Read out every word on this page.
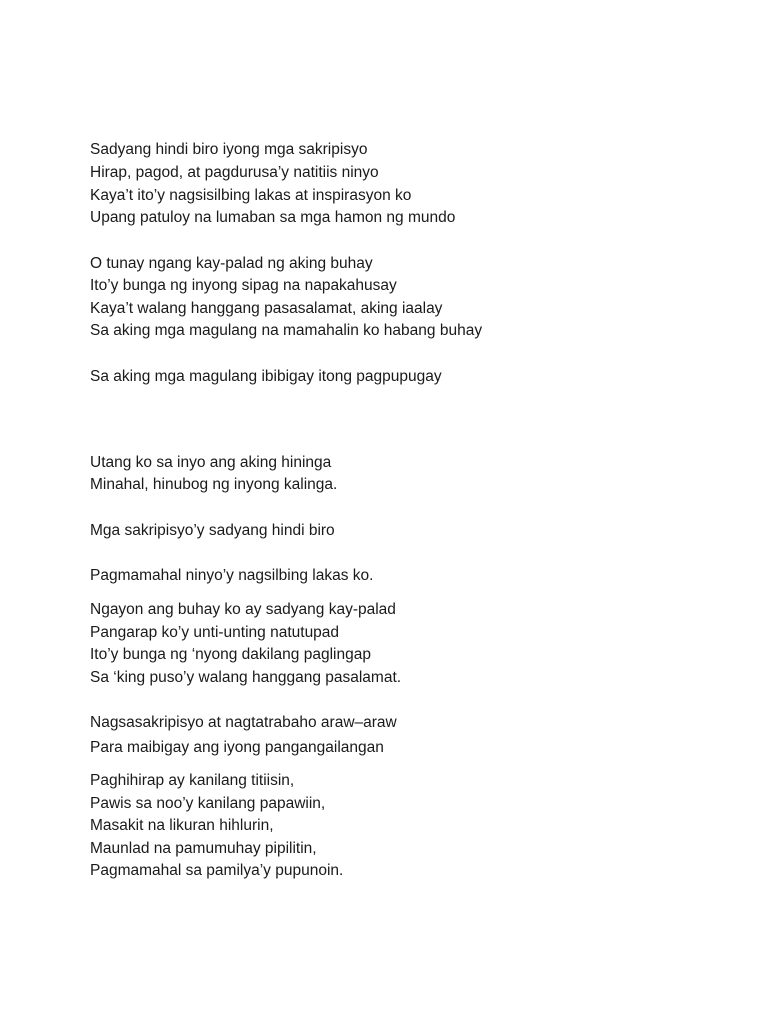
Sadyang hindi biro iyong mga sakripisyo
Hirap, pagod, at pagdurusa’y natitiis ninyo
Kaya’t ito’y nagsisilbing lakas at inspirasyon ko
Upang patuloy na lumaban sa mga hamon ng mundo
O tunay ngang kay-palad ng aking buhay
Ito’y bunga ng inyong sipag na napakahusay
Kaya’t walang hanggang pasasalamat, aking iaalay
Sa aking mga magulang na mamahalin ko habang buhay
Sa aking mga magulang ibibigay itong pagpupugay
Utang ko sa inyo ang aking hininga
Minahal, hinubog ng inyong kalinga.
Mga sakripisyo’y sadyang hindi biro
Pagmamahal ninyo’y nagsilbing lakas ko.
Ngayon ang buhay ko ay sadyang kay-palad
Pangarap ko’y unti-unting natutupad
Ito’y bunga ng ‘nyong dakilang paglingap
Sa ‘king puso’y walang hanggang pasalamat.
Nagsasakripisyo at nagtatrabaho araw–araw
Para maibigay ang iyong pangangailangan
Paghihirap ay kanilang titiisin,
Pawis sa noo’y kanilang papawiin,
Masakit na likuran hihlurin,
Maunlad na pamumuhay pipilitin,
Pagmamahal sa pamilya’y pupunoin.
